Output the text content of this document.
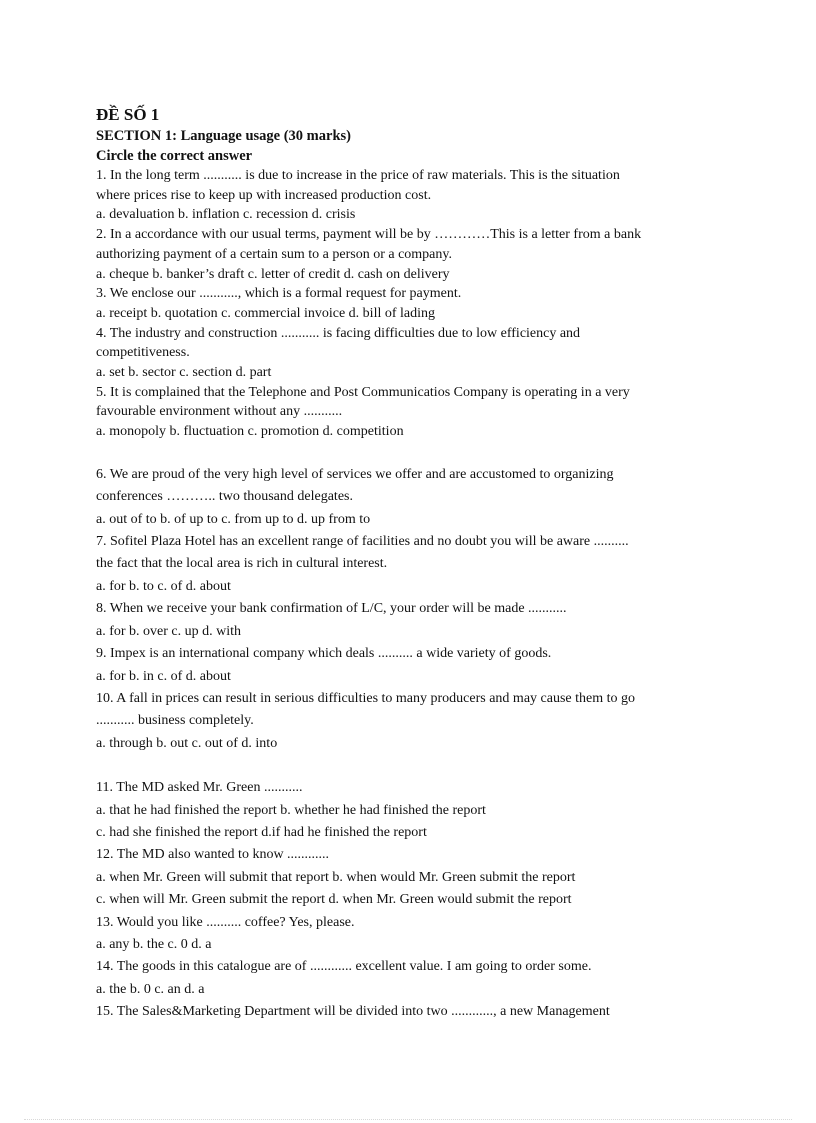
ĐỀ SỐ 1

SECTION 1: Language usage (30 marks)

Circle the correct answer

1. In the long term ........... is due to increase in the price of raw materials. This is the situation

where prices rise to keep up with increased production cost.

a. devaluation b. inflation c. recession d. crisis

2. In a accordance with our usual terms, payment will be by …………This is a letter from a bank

authorizing payment of a certain sum to a person or a company.

a. cheque b. banker’s draft c. letter of credit d. cash on delivery

3. We enclose our ..........., which is a formal request for payment.

a. receipt b. quotation c. commercial invoice d. bill of lading

4. The industry and construction ........... is facing difficulties due to low efficiency and

competitiveness.

a. set b. sector c. section d. part

5. It is complained that the Telephone and Post Communicatios Company is operating in a very

favourable environment without any ...........

a. monopoly b. fluctuation c. promotion d. competition

6. We are proud of the very high level of services we offer and are accustomed to organizing

conferences ……….. two thousand delegates.

a. out of to b. of up to c. from up to d. up from to

7. Sofitel Plaza Hotel has an excellent range of facilities and no doubt you will be aware ..........

the fact that the local area is rich in cultural interest.

a. for b. to c. of d. about

8. When we receive your bank confirmation of L/C, your order will be made ...........

a. for b. over c. up d. with

9. Impex is an international company which deals .......... a wide variety of goods.

a. for b. in c. of d. about

10. A fall in prices can result in serious difficulties to many producers and may cause them to go

........... business completely.

a. through b. out c. out of d. into

11. The MD asked Mr. Green ...........

a. that he had finished the report b. whether he had finished the report

c. had she finished the report d.if had he finished the report

12. The MD also wanted to know ............

a. when Mr. Green will submit that report b. when would Mr. Green submit the report

c. when will Mr. Green submit the report d. when Mr. Green would submit the report

13. Would you like .......... coffee? Yes, please.

a. any b. the c. 0 d. a

14. The goods in this catalogue are of ............ excellent value. I am going to order some.

a. the b. 0 c. an d. a

15. The Sales&Marketing Department will be divided into two ............, a new Management
